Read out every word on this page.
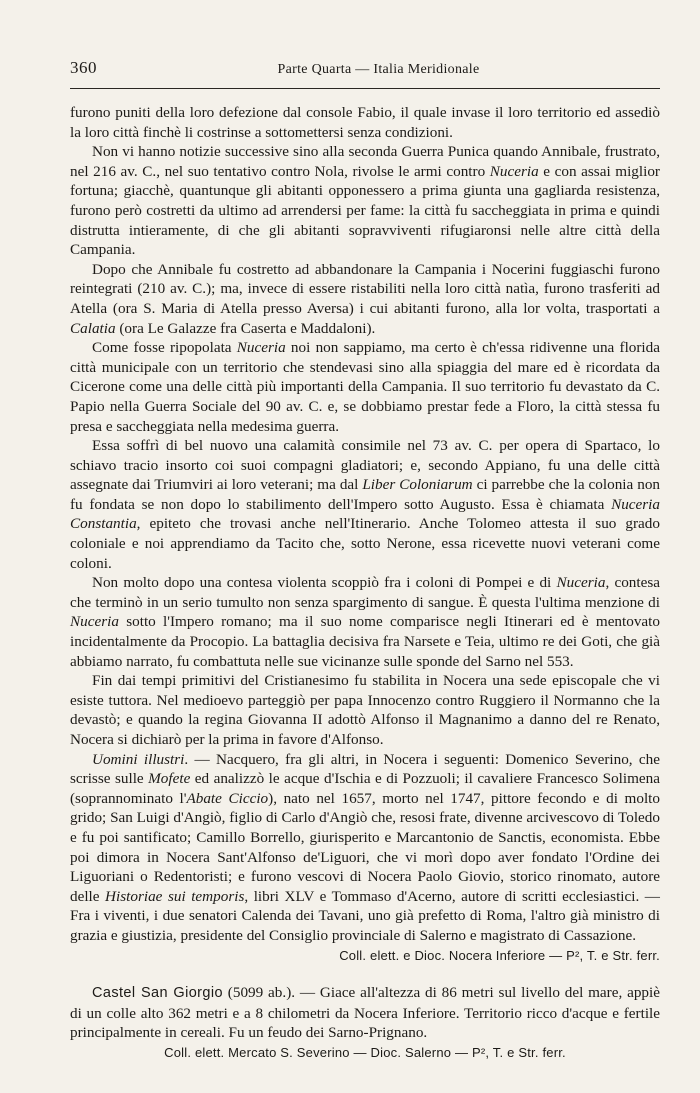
360	Parte Quarta — Italia Meridionale

furono puniti della loro defezione dal console Fabio, il quale invase il loro territorio ed assediò la loro città finchè li costrinse a sottomettersi senza condizioni.

Non vi hanno notizie successive sino alla seconda Guerra Punica quando Annibale, frustrato, nel 216 av. C., nel suo tentativo contro Nola, rivolse le armi contro Nuceria e con assai miglior fortuna; giacchè, quantunque gli abitanti opponessero a prima giunta una gagliarda resistenza, furono però costretti da ultimo ad arrendersi per fame: la città fu saccheggiata in prima e quindi distrutta intieramente, di che gli abitanti sopravviventi rifugiaronsi nelle altre città della Campania.

Dopo che Annibale fu costretto ad abbandonare la Campania i Nocerini fuggiaschi furono reintegrati (210 av. C.); ma, invece di essere ristabiliti nella loro città natìa, furono trasferiti ad Atella (ora S. Maria di Atella presso Aversa) i cui abitanti furono, alla lor volta, trasportati a Calatia (ora Le Galazze fra Caserta e Maddaloni).

Come fosse ripopolata Nuceria noi non sappiamo, ma certo è ch'essa ridivenne una florida città municipale con un territorio che stendevasi sino alla spiaggia del mare ed è ricordata da Cicerone come una delle città più importanti della Campania. Il suo territorio fu devastato da C. Papio nella Guerra Sociale del 90 av. C. e, se dobbiamo prestar fede a Floro, la città stessa fu presa e saccheggiata nella medesima guerra.

Essa soffrì di bel nuovo una calamità consimile nel 73 av. C. per opera di Spartaco, lo schiavo tracio insorto coi suoi compagni gladiatori; e, secondo Appiano, fu una delle città assegnate dai Triumviri ai loro veterani; ma dal Liber Coloniarum ci parrebbe che la colonia non fu fondata se non dopo lo stabilimento dell'Impero sotto Augusto. Essa è chiamata Nuceria Constantia, epiteto che trovasi anche nell'Itinerario. Anche Tolomeo attesta il suo grado coloniale e noi apprendiamo da Tacito che, sotto Nerone, essa ricevette nuovi veterani come coloni.

Non molto dopo una contesa violenta scoppiò fra i coloni di Pompei e di Nuceria, contesa che terminò in un serio tumulto non senza spargimento di sangue. È questa l'ultima menzione di Nuceria sotto l'Impero romano; ma il suo nome comparisce negli Itinerari ed è mentovato incidentalmente da Procopio. La battaglia decisiva fra Narsete e Teia, ultimo re dei Goti, che già abbiamo narrato, fu combattuta nelle sue vicinanze sulle sponde del Sarno nel 553.

Fin dai tempi primitivi del Cristianesimo fu stabilita in Nocera una sede episcopale che vi esiste tuttora. Nel medioevo parteggiò per papa Innocenzo contro Ruggiero il Normanno che la devastò; e quando la regina Giovanna II adottò Alfonso il Magnanimo a danno del re Renato, Nocera si dichiarò per la prima in favore d'Alfonso.

Uomini illustri. — Nacquero, fra gli altri, in Nocera i seguenti: Domenico Severino, che scrisse sulle Mofete ed analizzò le acque d'Ischia e di Pozzuoli; il cavaliere Francesco Solimena (soprannominato l'Abate Ciccio), nato nel 1657, morto nel 1747, pittore fecondo e di molto grido; San Luigi d'Angiò, figlio di Carlo d'Angiò che, resosi frate, divenne arcivescovo di Toledo e fu poi santificato; Camillo Borrello, giurisperito e Marcantonio de Sanctis, economista. Ebbe poi dimora in Nocera Sant'Alfonso de'Liguori, che vi morì dopo aver fondato l'Ordine dei Liguoriani o Redentoristi; e furono vescovi di Nocera Paolo Giovio, storico rinomato, autore delle Historiae sui temporis, libri XLV e Tommaso d'Acerno, autore di scritti ecclesiastici. — Fra i viventi, i due senatori Calenda dei Tavani, uno già prefetto di Roma, l'altro già ministro di grazia e giustizia, presidente del Consiglio provinciale di Salerno e magistrato di Cassazione.

Coll. elett. e Dioc. Nocera Inferiore — P², T. e Str. ferr.

Castel San Giorgio (5099 ab.). — Giace all'altezza di 86 metri sul livello del mare, appiè di un colle alto 362 metri e a 8 chilometri da Nocera Inferiore. Territorio ricco d'acque e fertile principalmente in cereali. Fu un feudo dei Sarno-Prignano.

Coll. elett. Mercato S. Severino — Dioc. Salerno — P², T. e Str. ferr.
